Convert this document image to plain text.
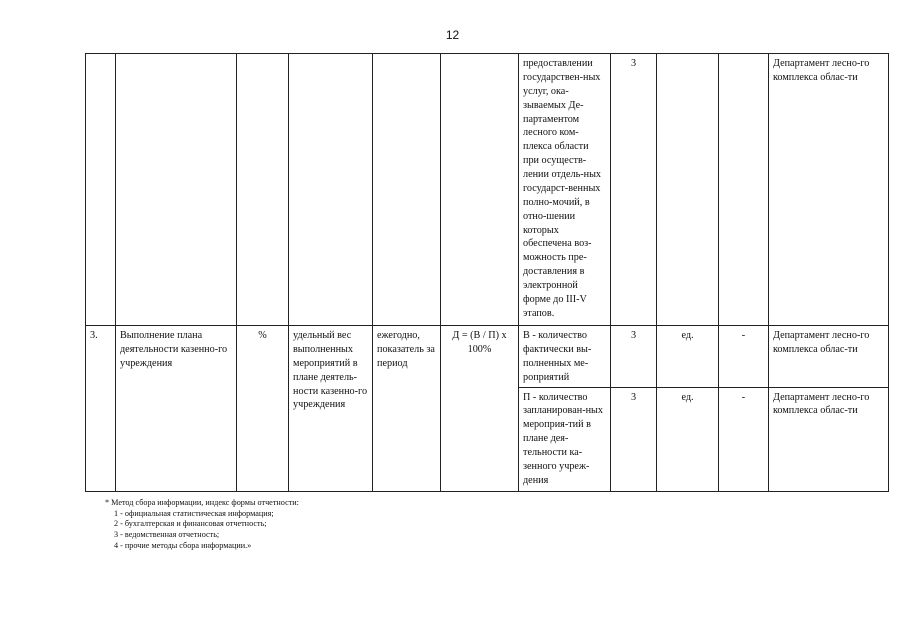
12
						предоставлении государствен-ных услуг, ока-зываемых Де-партаментом лесного ком-плекса области при осуществ-лении отдель-ных государст-венных полно-мочий, в отно-шении которых обеспечена воз-можность пре-доставления в электронной форме до III-V этапов.	3			Департамент лесно-го комплекса облас-ти
3.	Выполнение плана деятельности казенно-го учреждения	%	удельный вес выполненных мероприятий в плане деятель-ности казенно-го учреждения	ежегодно, показатель за период	Д = (В / П) х 100%	В - количество фактически вы-полненных ме-роприятий	3	ед.	-	Департамент лесно-го комплекса облас-ти
						П - количество запланирован-ных мероприя-тий в плане дея-тельности ка-зенного учреж-дения	3	ед.	-	Департамент лесно-го комплекса облас-ти
* Метод сбора информации, индекс формы отчетности:
1 - официальная статистическая информация;
2 - бухгалтерская и финансовая отчетность;
3 - ведомственная отчетность;
4 - прочие методы сбора информации.»
